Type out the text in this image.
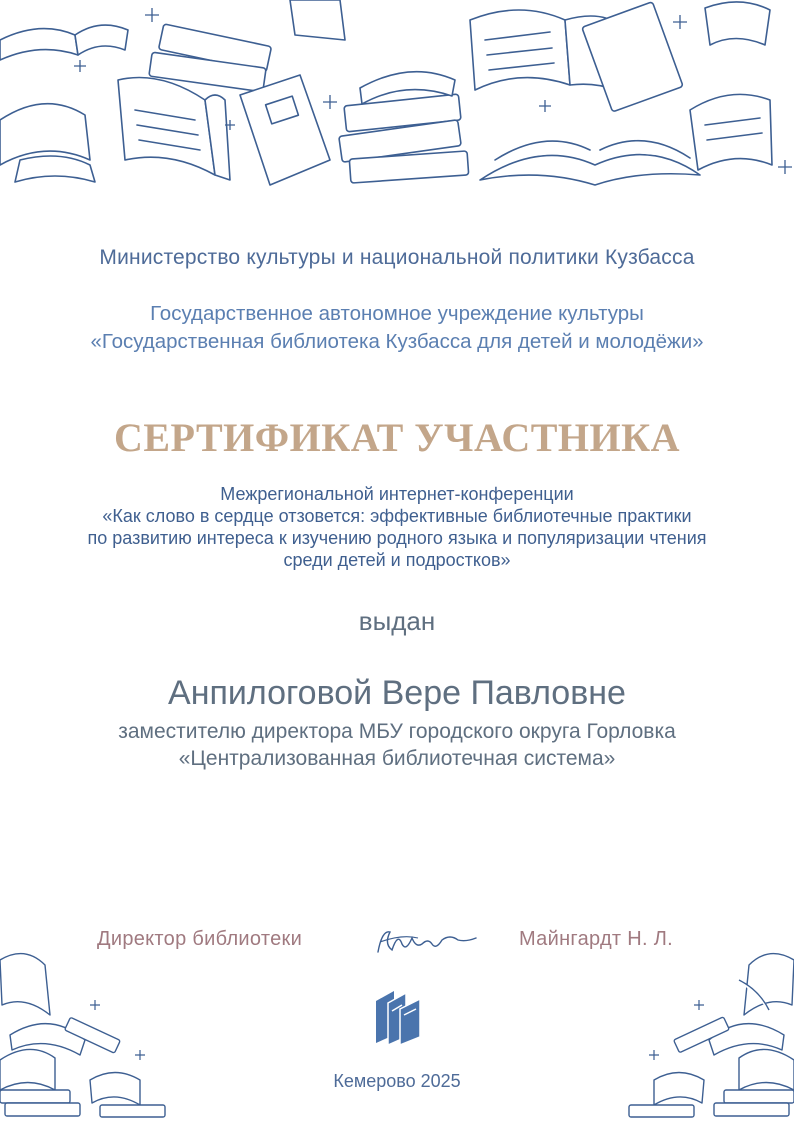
Министерство культуры и национальной политики Кузбасса
Государственное автономное учреждение культуры
«Государственная библиотека Кузбасса для детей и молодёжи»
СЕРТИФИКАТ УЧАСТНИКА
Межрегиональной интернет-конференции
«Как слово в сердце отзовется: эффективные библиотечные практики
по развитию интереса к изучению родного языка и популяризации чтения
среди детей и подростков»
выдан
Анпилоговой Вере Павловне
заместителю директора МБУ городского округа Горловка
«Централизованная библиотечная система»
Директор библиотеки	Майнгардт Н. Л.
Кемерово 2025
